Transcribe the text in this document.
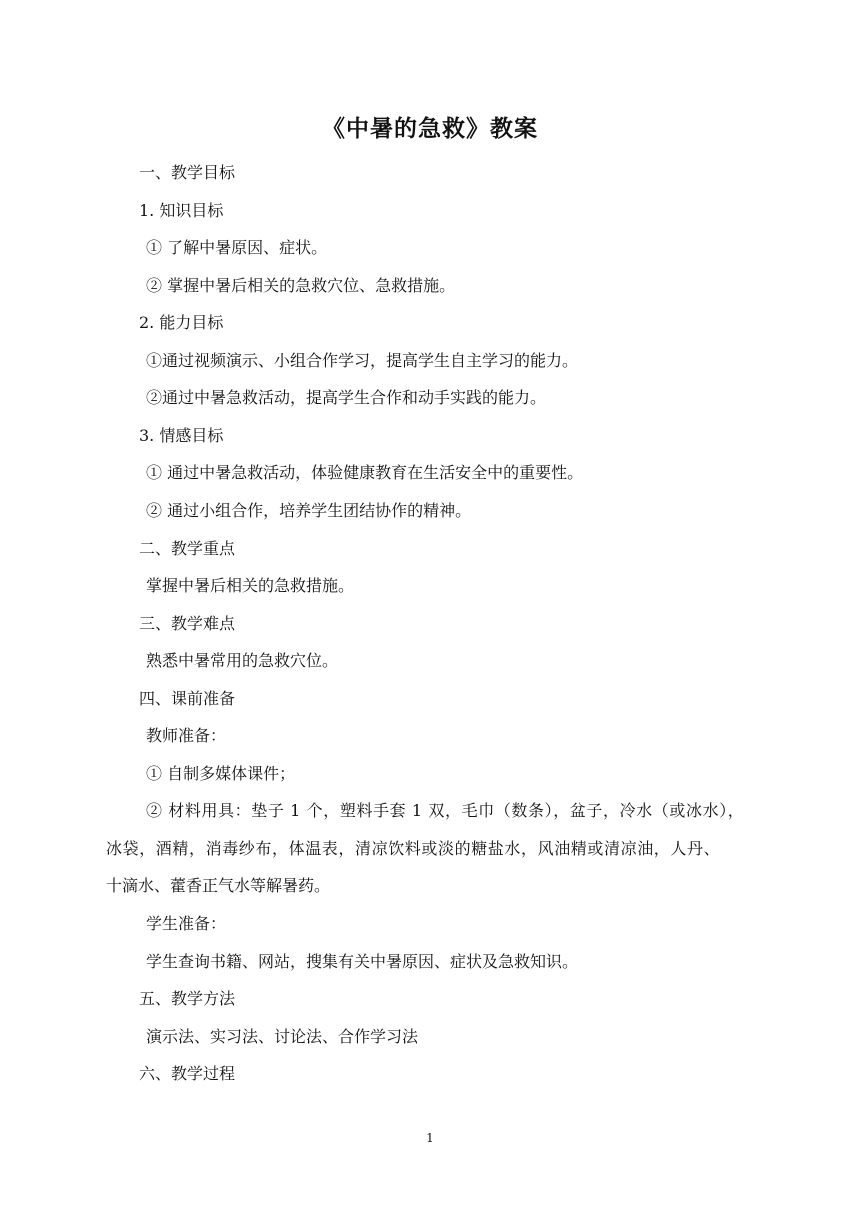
《中暑的急救》教案
一、教学目标
1. 知识目标
① 了解中暑原因、症状。
② 掌握中暑后相关的急救穴位、急救措施。
2. 能力目标
①通过视频演示、小组合作学习，提高学生自主学习的能力。
②通过中暑急救活动，提高学生合作和动手实践的能力。
3. 情感目标
① 通过中暑急救活动，体验健康教育在生活安全中的重要性。
② 通过小组合作，培养学生团结协作的精神。
二、教学重点
掌握中暑后相关的急救措施。
三、教学难点
熟悉中暑常用的急救穴位。
四、课前准备
教师准备：
① 自制多媒体课件；
② 材料用具：垫子 1 个，塑料手套 1 双，毛巾（数条），盆子，冷水（或冰水），
冰袋，酒精，消毒纱布，体温表，清凉饮料或淡的糖盐水，风油精或清凉油，人丹、
十滴水、藿香正气水等解暑药。
学生准备：
学生查询书籍、网站，搜集有关中暑原因、症状及急救知识。
五、教学方法
演示法、实习法、讨论法、合作学习法
六、教学过程
1
